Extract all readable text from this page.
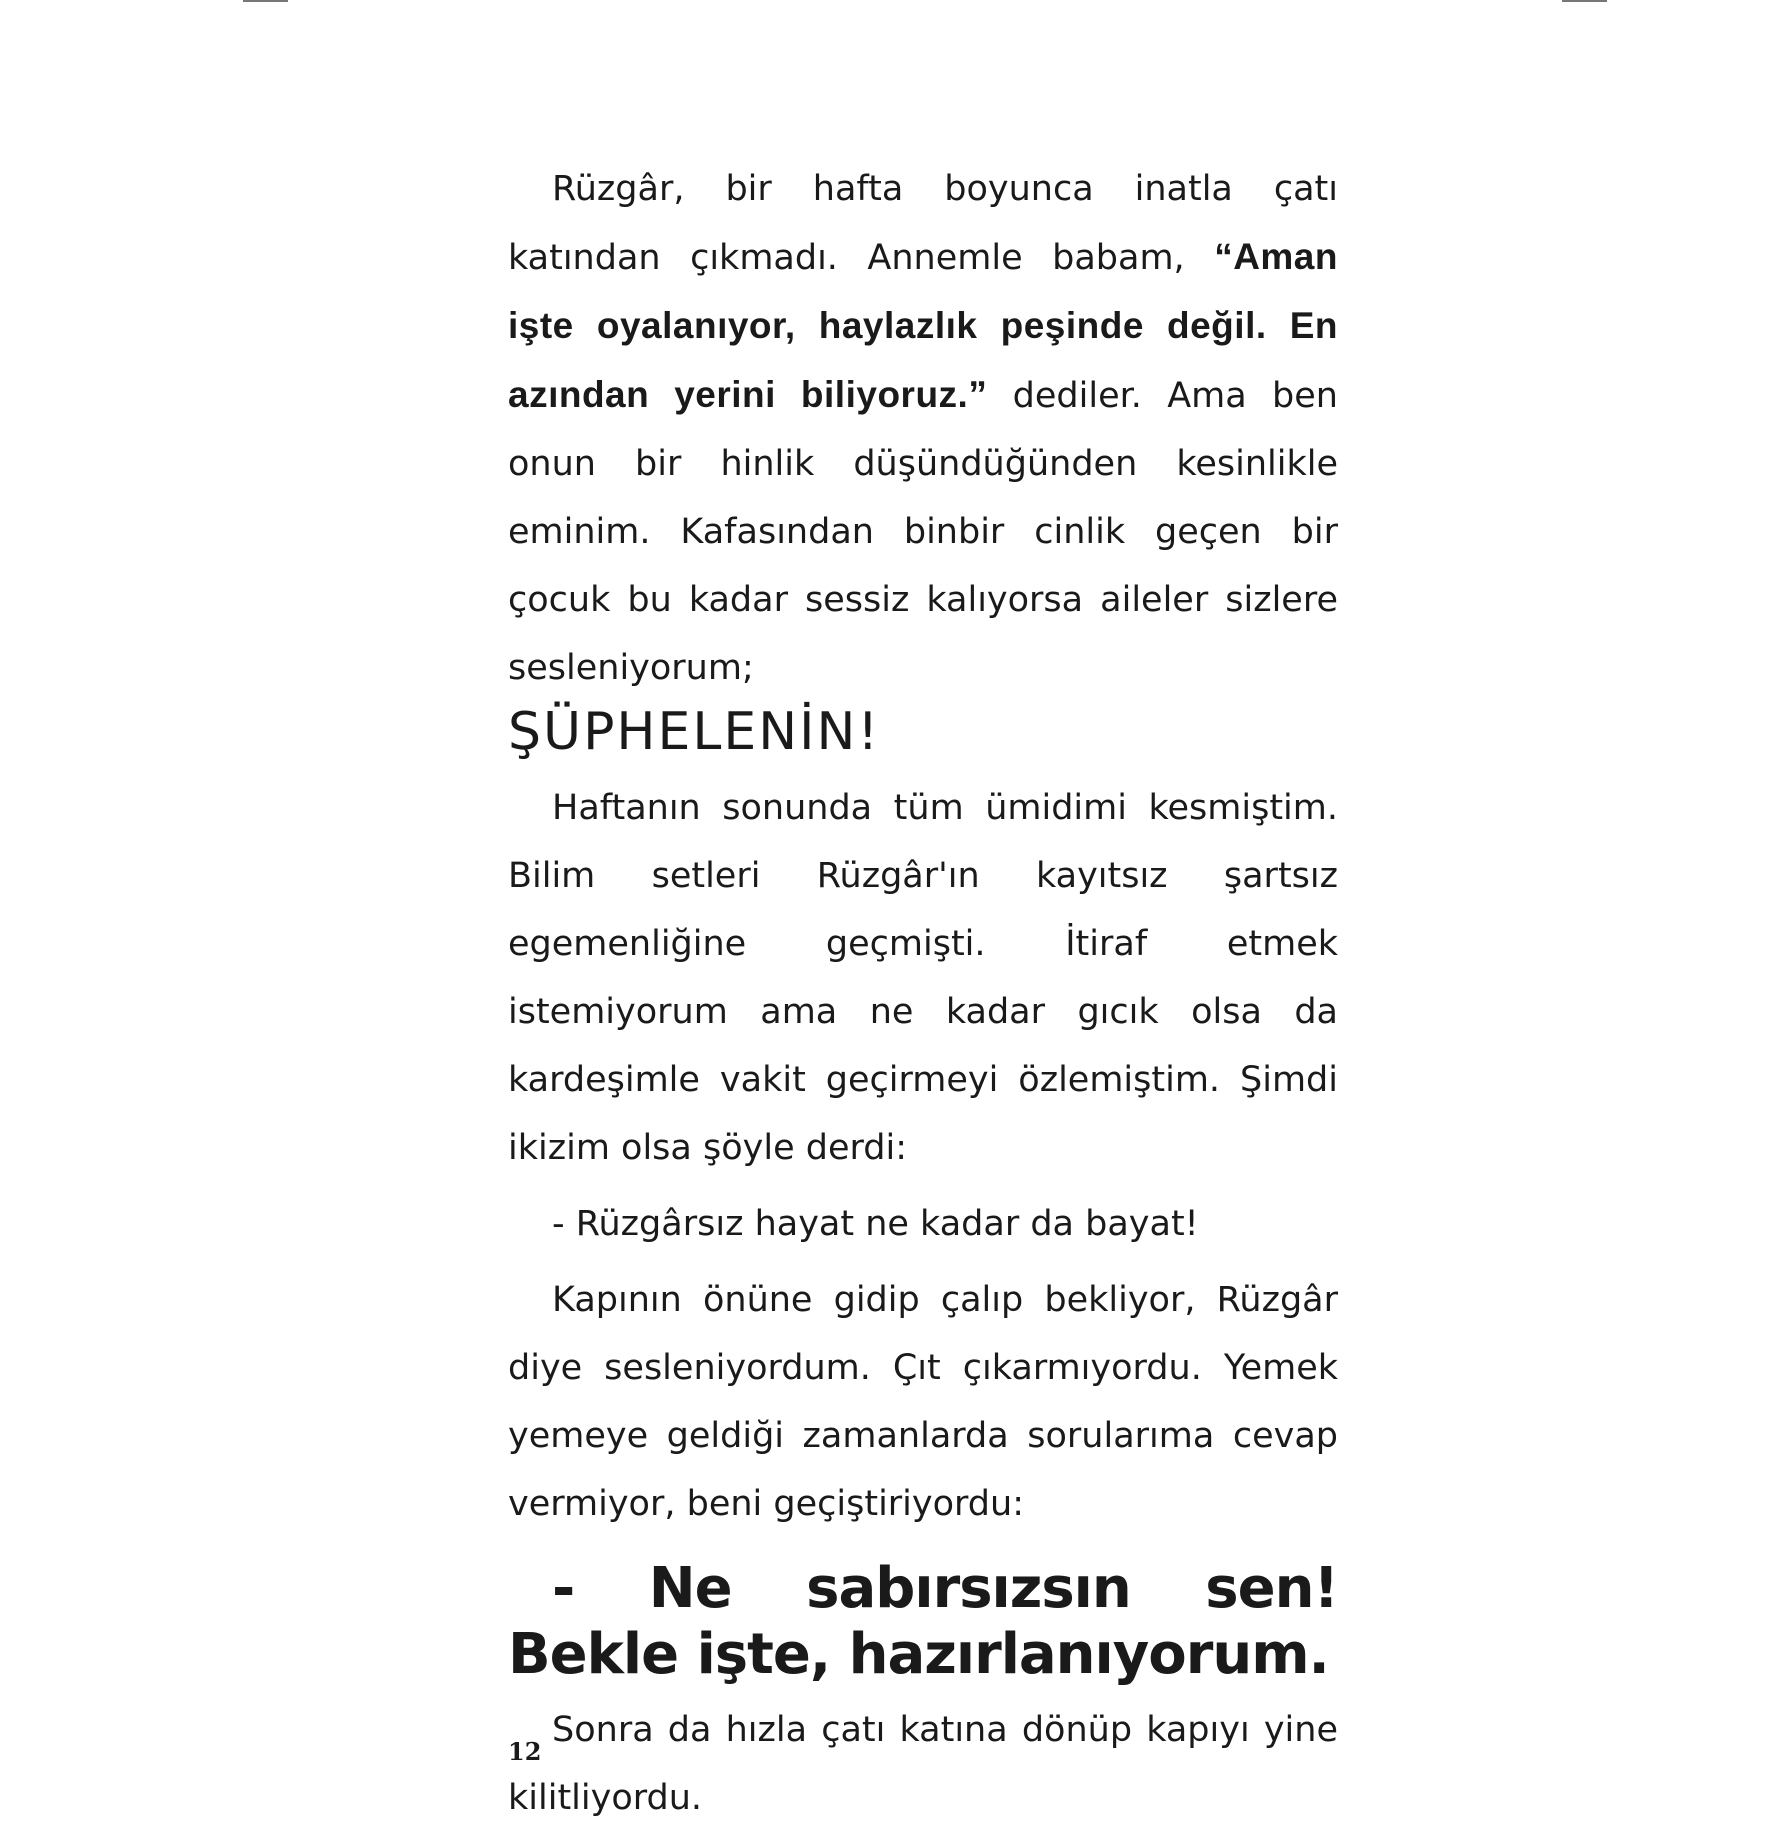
Rüzgâr, bir hafta boyunca inatla çatı katından çıkmadı. Annemle babam, “Aman işte oyalanıyor, haylazlık peşinde değil. En azından yerini biliyoruz.” dediler. Ama ben onun bir hinlik düşündüğünden kesinlikle eminim. Kafasından binbir cinlik geçen bir çocuk bu kadar sessiz kalıyorsa aileler sizlere sesleniyorum;

ŞÜPHELENİN!

Haftanın sonunda tüm ümidimi kesmiştim. Bilim setleri Rüzgâr'ın kayıtsız şartsız egemenliğine geçmişti. İtiraf etmek istemiyorum ama ne kadar gıcık olsa da kardeşimle vakit geçirmeyi özlemiştim. Şimdi ikizim olsa şöyle derdi:

- Rüzgârsız hayat ne kadar da bayat!

Kapının önüne gidip çalıp bekliyor, Rüzgâr diye sesleniyordum. Çıt çıkarmıyordu. Yemek yemeye geldiği zamanlarda sorularıma cevap vermiyor, beni geçiştiriyordu:

- Ne sabırsızsın sen! Bekle işte, hazırlanıyorum.

Sonra da hızla çatı katına dönüp kapıyı yine kilitliyordu.

12
